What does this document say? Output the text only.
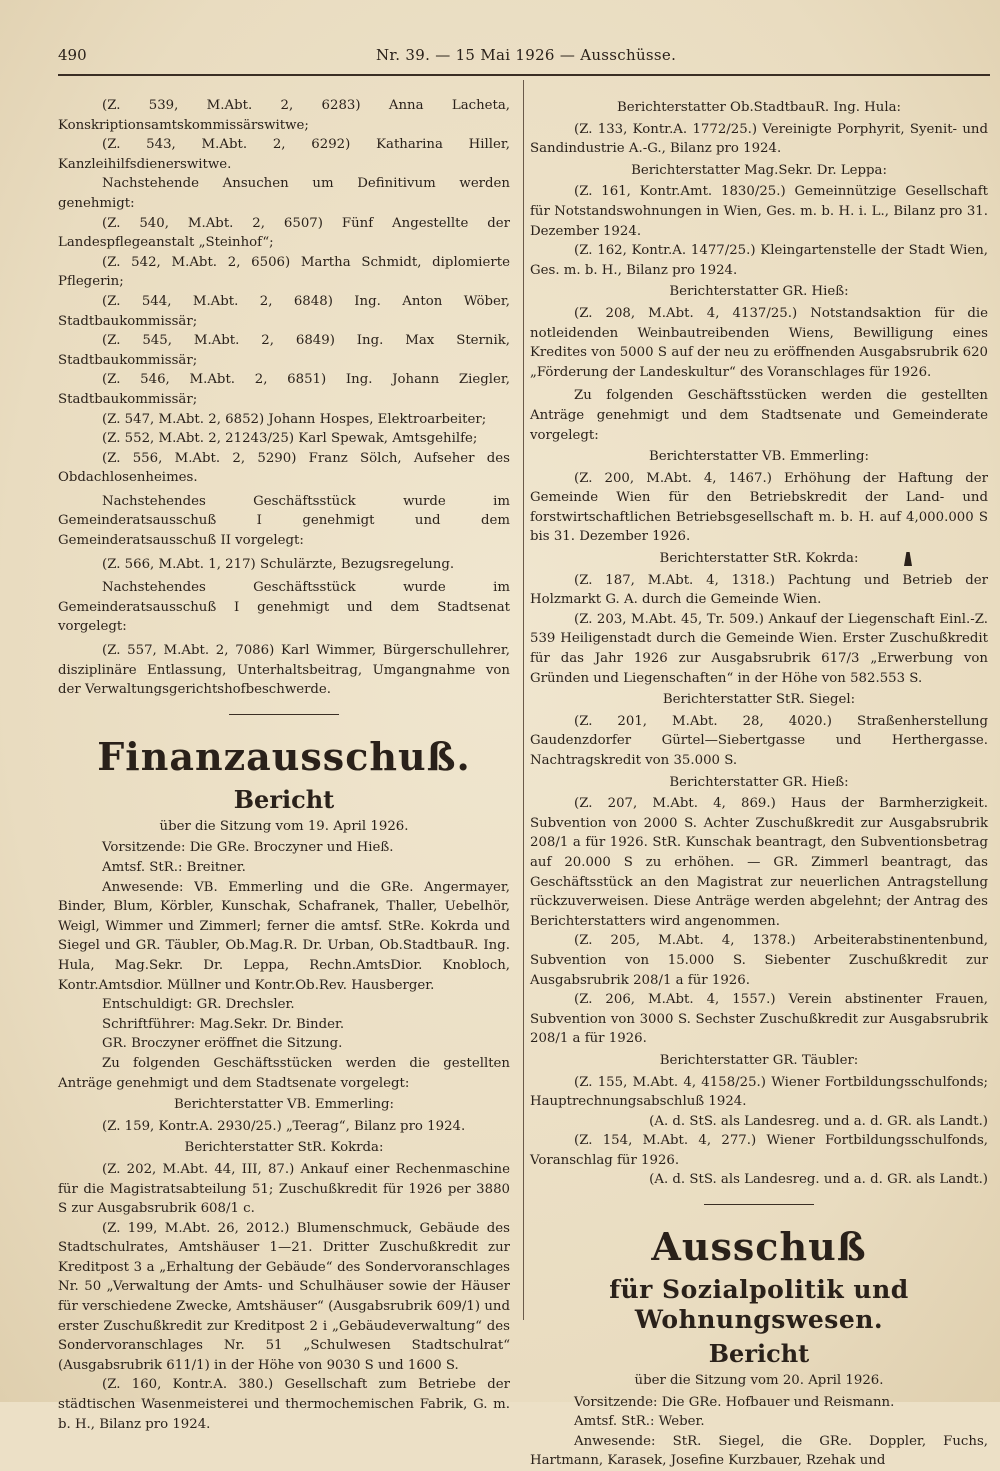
490	Nr. 39. — 15 Mai 1926 — Ausschüsse.

(Z. 539, M.Abt. 2, 6283) Anna Lacheta, Konskriptionsamtskommissärswitwe;

(Z. 543, M.Abt. 2, 6292) Katharina Hiller, Kanzleihilfsdienerswitwe.

Nachstehende Ansuchen um Definitivum werden genehmigt:

(Z. 540, M.Abt. 2, 6507) Fünf Angestellte der Landespflegeanstalt „Steinhof“;

(Z. 542, M.Abt. 2, 6506) Martha Schmidt, diplomierte Pflegerin;

(Z. 544, M.Abt. 2, 6848) Ing. Anton Wöber, Stadtbaukommissär;

(Z. 545, M.Abt. 2, 6849) Ing. Max Sternik, Stadtbaukommissär;

(Z. 546, M.Abt. 2, 6851) Ing. Johann Ziegler, Stadtbaukommissär;

(Z. 547, M.Abt. 2, 6852) Johann Hospes, Elektroarbeiter;

(Z. 552, M.Abt. 2, 21243/25) Karl Spewak, Amtsgehilfe;

(Z. 556, M.Abt. 2, 5290) Franz Sölch, Aufseher des Obdachlosenheimes.

Nachstehendes Geschäftsstück wurde im Gemeinderatsausschuß I genehmigt und dem Gemeinderatsausschuß II vorgelegt:

(Z. 566, M.Abt. 1, 217) Schulärzte, Bezugsregelung.

Nachstehendes Geschäftsstück wurde im Gemeinderatsausschuß I genehmigt und dem Stadtsenat vorgelegt:

(Z. 557, M.Abt. 2, 7086) Karl Wimmer, Bürgerschullehrer, disziplinäre Entlassung, Unterhaltsbeitrag, Umgangnahme von der Verwaltungsgerichtshofbeschwerde.

Finanzausschuß.
Bericht

über die Sitzung vom 19. April 1926.

Vorsitzende: Die GRe. Broczyner und Hieß.

Amtsf. StR.: Breitner.

Anwesende: VB. Emmerling und die GRe. Angermayer, Binder, Blum, Körbler, Kunschak, Schafranek, Thaller, Uebelhör, Weigl, Wimmer und Zimmerl; ferner die amtsf. StRe. Kokrda und Siegel und GR. Täubler, Ob.Mag.R. Dr. Urban, Ob.StadtbauR. Ing. Hula, Mag.Sekr. Dr. Leppa, Rechn.AmtsDior. Knobloch, Kontr.Amtsdior. Müllner und Kontr.Ob.Rev. Hausberger.

Entschuldigt: GR. Drechsler.

Schriftführer: Mag.Sekr. Dr. Binder.

GR. Broczyner eröffnet die Sitzung.

Zu folgenden Geschäftsstücken werden die gestellten Anträge genehmigt und dem Stadtsenate vorgelegt:

Berichterstatter VB. Emmerling:

(Z. 159, Kontr.A. 2930/25.) „Teerag“, Bilanz pro 1924.

Berichterstatter StR. Kokrda:

(Z. 202, M.Abt. 44, III, 87.) Ankauf einer Rechenmaschine für die Magistratsabteilung 51; Zuschußkredit für 1926 per 3880 S zur Ausgabsrubrik 608/1 c.

(Z. 199, M.Abt. 26, 2012.) Blumenschmuck, Gebäude des Stadtschulrates, Amtshäuser 1—21. Dritter Zuschußkredit zur Kreditpost 3 a „Erhaltung der Gebäude“ des Sondervoranschlages Nr. 50 „Verwaltung der Amts- und Schulhäuser sowie der Häuser für verschiedene Zwecke, Amtshäuser“ (Ausgabsrubrik 609/1) und erster Zuschußkredit zur Kreditpost 2 i „Gebäudeverwaltung“ des Sondervoranschlages Nr. 51 „Schulwesen Stadtschulrat“ (Ausgabsrubrik 611/1) in der Höhe von 9030 S und 1600 S.

(Z. 160, Kontr.A. 380.) Gesellschaft zum Betriebe der städtischen Wasenmeisterei und thermochemischen Fabrik, G. m. b. H., Bilanz pro 1924.

Berichterstatter Ob.StadtbauR. Ing. Hula:

(Z. 133, Kontr.A. 1772/25.) Vereinigte Porphyrit, Syenit- und Sandindustrie A.-G., Bilanz pro 1924.

Berichterstatter Mag.Sekr. Dr. Leppa:

(Z. 161, Kontr.Amt. 1830/25.) Gemeinnützige Gesellschaft für Notstandswohnungen in Wien, Ges. m. b. H. i. L., Bilanz pro 31. Dezember 1924.

(Z. 162, Kontr.A. 1477/25.) Kleingartenstelle der Stadt Wien, Ges. m. b. H., Bilanz pro 1924.

Berichterstatter GR. Hieß:

(Z. 208, M.Abt. 4, 4137/25.) Notstandsaktion für die notleidenden Weinbautreibenden Wiens, Bewilligung eines Kredites von 5000 S auf der neu zu eröffnenden Ausgabsrubrik 620 „Förderung der Landeskultur“ des Voranschlages für 1926.

Zu folgenden Geschäftsstücken werden die gestellten Anträge genehmigt und dem Stadtsenate und Gemeinderate vorgelegt:

Berichterstatter VB. Emmerling:

(Z. 200, M.Abt. 4, 1467.) Erhöhung der Haftung der Gemeinde Wien für den Betriebskredit der Land- und forstwirtschaftlichen Betriebsgesellschaft m. b. H. auf 4,000.000 S bis 31. Dezember 1926.

Berichterstatter StR. Kokrda:

(Z. 187, M.Abt. 4, 1318.) Pachtung und Betrieb der Holzmarkt G. A. durch die Gemeinde Wien.

(Z. 203, M.Abt. 45, Tr. 509.) Ankauf der Liegenschaft Einl.-Z. 539 Heiligenstadt durch die Gemeinde Wien. Erster Zuschußkredit für das Jahr 1926 zur Ausgabsrubrik 617/3 „Erwerbung von Gründen und Liegenschaften“ in der Höhe von 582.553 S.

Berichterstatter StR. Siegel:

(Z. 201, M.Abt. 28, 4020.) Straßenherstellung Gaudenzdorfer Gürtel—Siebertgasse und Herthergasse. Nachtragskredit von 35.000 S.

Berichterstatter GR. Hieß:

(Z. 207, M.Abt. 4, 869.) Haus der Barmherzigkeit. Subvention von 2000 S. Achter Zuschußkredit zur Ausgabsrubrik 208/1 a für 1926. StR. Kunschak beantragt, den Subventionsbetrag auf 20.000 S zu erhöhen. — GR. Zimmerl beantragt, das Geschäftsstück an den Magistrat zur neuerlichen Antragstellung rückzuverweisen. Diese Anträge werden abgelehnt; der Antrag des Berichterstatters wird angenommen.

(Z. 205, M.Abt. 4, 1378.) Arbeiterabstinentenbund, Subvention von 15.000 S. Siebenter Zuschußkredit zur Ausgabsrubrik 208/1 a für 1926.

(Z. 206, M.Abt. 4, 1557.) Verein abstinenter Frauen, Subvention von 3000 S. Sechster Zuschußkredit zur Ausgabsrubrik 208/1 a für 1926.

Berichterstatter GR. Täubler:

(Z. 155, M.Abt. 4, 4158/25.) Wiener Fortbildungsschulfonds; Hauptrechnungsabschluß 1924.

(A. d. StS. als Landesreg. und a. d. GR. als Landt.)

(Z. 154, M.Abt. 4, 277.) Wiener Fortbildungsschulfonds, Voranschlag für 1926.

(A. d. StS. als Landesreg. und a. d. GR. als Landt.)

Ausschuß
für Sozialpolitik und Wohnungswesen.
Bericht

über die Sitzung vom 20. April 1926.

Vorsitzende: Die GRe. Hofbauer und Reismann.

Amtsf. StR.: Weber.

Anwesende: StR. Siegel, die GRe. Doppler, Fuchs, Hartmann, Karasek, Josefine Kurzbauer, Rzehak und
